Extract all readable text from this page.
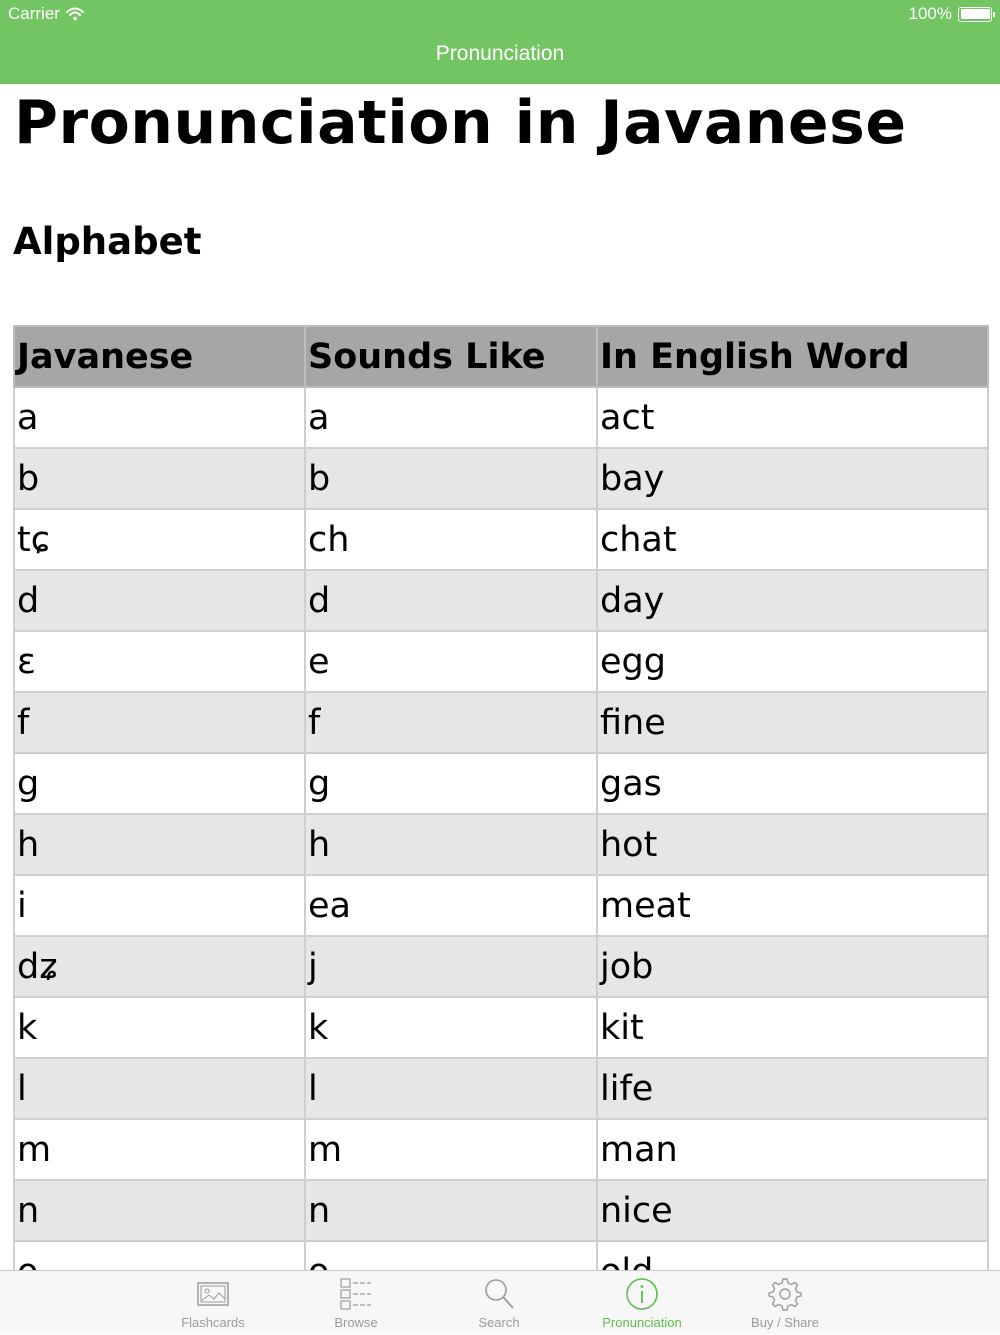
Carrier	100%
Pronunciation
Pronunciation in Javanese
Alphabet
Javanese	Sounds Like	In English Word
a	a	act
b	b	bay
tɕ	ch	chat
d	d	day
ɛ	e	egg
f	f	fine
g	g	gas
h	h	hot
i	ea	meat
dʑ	j	job
k	k	kit
l	l	life
m	m	man
n	n	nice

Flashcards	Browse	Search	Pronunciation	Buy / Share
